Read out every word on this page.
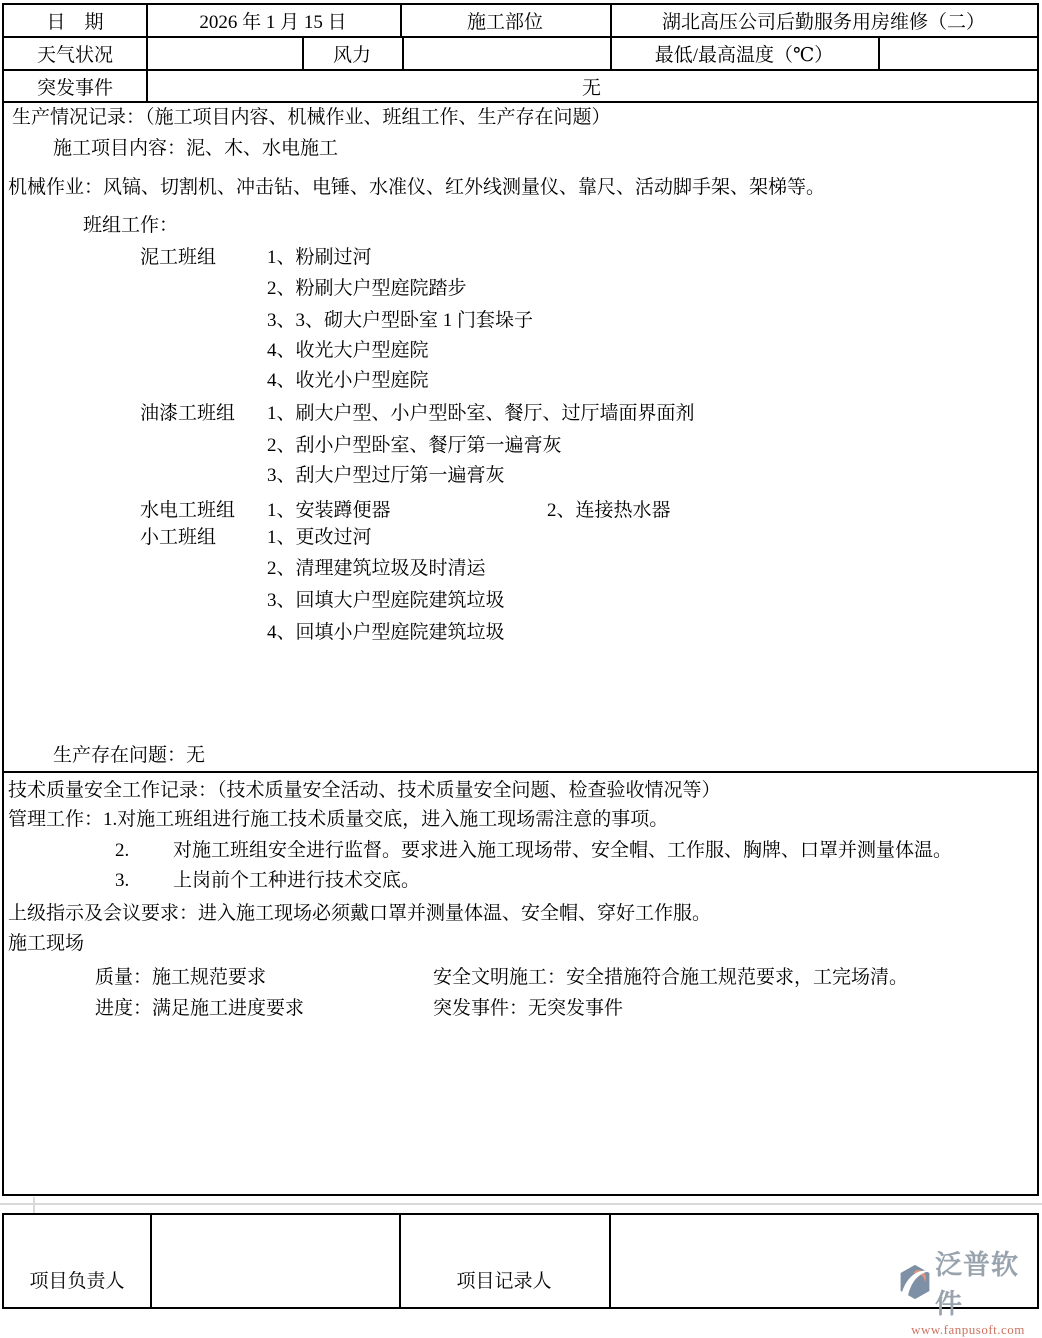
日　期	2026 年 1 月 15 日	施工部位	湖北高压公司后勤服务用房维修（二）
天气状况	风力	最低/最高温度（℃）
突发事件	无
生产情况记录：（施工项目内容、机械作业、班组工作、生产存在问题）
施工项目内容：泥、木、水电施工
机械作业：风镐、切割机、冲击钻、电锤、水准仪、红外线测量仪、靠尺、活动脚手架、架梯等。
班组工作：
泥工班组	1、粉刷过河
2、粉刷大户型庭院踏步
3、3、砌大户型卧室 1 门套垛子
4、收光大户型庭院
4、收光小户型庭院
油漆工班组 1、刷大户型、小户型卧室、餐厅、过厅墙面界面剂
2、刮小户型卧室、餐厅第一遍膏灰
3、刮大户型过厅第一遍膏灰
水电工班组 1、安装蹲便器	2、连接热水器
小工班组	1、更改过河
2、清理建筑垃圾及时清运
3、回填大户型庭院建筑垃圾
4、回填小户型庭院建筑垃圾
生产存在问题：无
技术质量安全工作记录：（技术质量安全活动、技术质量安全问题、检查验收情况等）
管理工作：1.对施工班组进行施工技术质量交底，进入施工现场需注意的事项。
2. 对施工班组安全进行监督。要求进入施工现场带、安全帽、工作服、胸牌、口罩并测量体温。
3. 上岗前个工种进行技术交底。
上级指示及会议要求：进入施工现场必须戴口罩并测量体温、安全帽、穿好工作服。
施工现场
质量：施工规范要求	安全文明施工：安全措施符合施工规范要求，工完场清。
进度：满足施工进度要求	突发事件：无突发事件
项目负责人	项目记录人
泛普软件
www.fanpusoft.com
